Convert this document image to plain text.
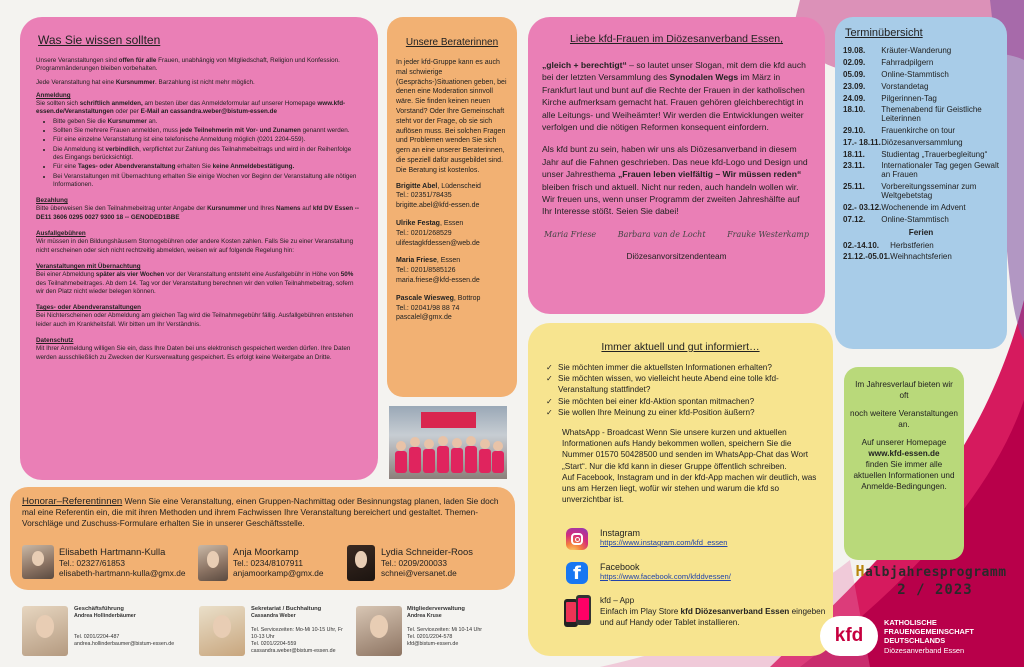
Was Sie wissen sollten

Unsere Veranstaltungen sind offen für alle Frauen, unabhängig von Mitgliedschaft, Religion und Konfession. Programmänderungen bleiben vorbehalten.

Jede Veranstaltung hat eine Kursnummer. Barzahlung ist nicht mehr möglich.

Anmeldung

Sie sollten sich schriftlich anmelden, am besten über das Anmeldeformular auf unserer Homepage www.kfd-essen.de/Veranstaltungen oder per E-Mail an cassandra.weber@bistum-essen.de

• Bitte geben Sie die Kursnummer an.
• Sollten Sie mehrere Frauen anmelden, muss jede Teilnehmerin mit Vor- und Zunamen genannt werden.
• Für eine einzelne Veranstaltung ist eine telefonische Anmeldung möglich (0201 2204-559).
• Die Anmeldung ist verbindlich, verpflichtet zur Zahlung des Teilnahmebeitrags und wird in der Reihenfolge des Eingangs berücksichtigt.
• Für eine Tages- oder Abendveranstaltung erhalten Sie keine Anmeldebestätigung.
• Bei Veranstaltungen mit Übernachtung erhalten Sie einige Wochen vor Beginn der Veranstaltung alle nötigen Informationen.

Bezahlung

Bitte überweisen Sie den Teilnahmebeitrag unter Angabe der Kursnummer und Ihres Namens auf kfd DV Essen -- DE11 3606 0295 0027 9300 18 -- GENODED1BBE

Ausfallgebühren

Wir müssen in den Bildungshäusern Stornogebühren oder andere Kosten zahlen. Falls Sie zu einer Veranstaltung nicht erscheinen oder sich nicht rechtzeitig abmelden, weisen wir auf folgende Regelung hin:

Veranstaltungen mit Übernachtung

Bei einer Abmeldung später als vier Wochen vor der Veranstaltung entsteht eine Ausfallgebühr in Höhe von 50% des Teilnahmebeitrages. Ab dem 14. Tag vor der Veranstaltung berechnen wir den vollen Teilnahmebeitrag, sofern wir den Platz nicht wieder belegen können.

Tages- oder Abendveranstaltungen

Bei Nichterscheinen oder Abmeldung am gleichen Tag wird die Teilnahmegebühr fällig. Ausfallgebühren entstehen leider auch im Krankheitsfall. Wir bitten um Ihr Verständnis.

Datenschutz

Mit Ihrer Anmeldung willigen Sie ein, dass Ihre Daten bei uns elektronisch gespeichert werden dürfen. Ihre Daten werden ausschließlich zu Zwecken der Kursverwaltung gespeichert. Es erfolgt keine Weitergabe an Dritte.

Unsere Beraterinnen

In jeder kfd-Gruppe kann es auch mal schwierige (Gesprächs-)Situationen geben, bei denen eine Moderation sinnvoll wäre. Sie finden keinen neuen Vorstand? Oder Ihre Gemeinschaft steht vor der Frage, ob sie sich auflösen muss. Bei solchen Fragen und Problemen wenden Sie sich gern an eine unserer Beraterinnen, die speziell dafür ausgebildet sind. Die Beratung ist kostenlos.

Brigitte Abel, Lüdenscheid
Tel.: 02351/78435
brigitte.abel@kfd-essen.de
Ulrike Festag, Essen
Tel.: 0201/268529
ulifestagkfdessen@web.de
Maria Friese, Essen
Tel.: 0201/8585126
maria.friese@kfd-essen.de
Pascale Wiesweg, Bottrop
Tel.: 02041/98 88 74
pascalel@gmx.de
Liebe kfd-Frauen im Diözesanverband Essen,

„gleich + berechtigt“ – so lautet unser Slogan, mit dem die kfd auch bei der letzten Versammlung des Synodalen Wegs im März in Frankfurt laut und bunt auf die Rechte der Frauen in der katholischen Kirche aufmerksam gemacht hat. Frauen gehören gleichberechtigt in alle Leitungs- und Weiheämter! Wir werden die Entwicklungen weiter verfolgen und die nötigen Reformen konsequent einfordern.

Als kfd bunt zu sein, haben wir uns als Diözesanverband in diesem Jahr auf die Fahnen geschrieben. Das neue kfd-Logo und Design und unser Jahresthema „Frauen leben vielfältig – Wir müssen reden“ bleiben frisch und aktuell. Nicht nur reden, auch handeln wollen wir. Wir freuen uns, wenn unser Programm der zweiten Jahreshälfte auf Ihr Interesse stößt. Seien Sie dabei!

Maria Friese	Barbara van de Locht	Frauke Westerkamp

Diözesanvorsitzendenteam

Terminübersicht
19.08.	Kräuter-Wanderung
02.09.	Fahrradpilgern
05.09.	Online-Stammtisch
23.09.	Vorstandetag
24.09.	Pilgerinnen-Tag
18.10.	Themenabend für Geistliche Leiterinnen
29.10.	Frauenkirche on tour
17.- 18.11.	Diözesanversammlung
18.11.	Studientag „Trauerbegleitung“
23.11.	Internationaler Tag gegen Gewalt an Frauen
25.11.	Vorbereitungsseminar zum Weltgebetstag
02.- 03.12.	Wochenende im Advent
07.12.	Online-Stammtisch
Ferien
02.-14.10.	Herbstferien
21.12.-05.01.	Weihnachtsferien

Im Jahresverlauf bieten wir oft

noch weitere Veranstaltungen an.

Auf unserer Homepage

www.kfd-essen.de

finden Sie immer alle aktuellen Informationen und Anmelde-Bedingungen.

Immer aktuell und gut informiert…
✓ Sie möchten immer die aktuellsten Informationen erhalten?
✓ Sie möchten wissen, wo vielleicht heute Abend eine tolle kfd-Veranstaltung stattfindet?
✓ Sie möchten bei einer kfd-Aktion spontan mitmachen?
✓ Sie wollen Ihre Meinung zu einer kfd-Position äußern?

WhatsApp - Broadcast Wenn Sie unsere kurzen und aktuellen Informationen aufs Handy bekommen wollen, speichern Sie die Nummer 01570 50428500 und senden im WhatsApp-Chat das Wort „Start“. Nur die kfd kann in dieser Gruppe öffentlich schreiben.

Auf Facebook, Instagram und in der kfd-App machen wir deutlich, was uns am Herzen liegt, wofür wir stehen und warum die kfd so unverzichtbar ist.

Instagram
https://www.instagram.com/kfd_essen
f Facebook
https://www.facebook.com/kfddvessen/
kfd – App
Einfach im Play Store kfd Diözesanverband Essen eingeben und auf Handy oder Tablet installieren.

Honorar–Referentinnen Wenn Sie eine Veranstaltung, einen Gruppen-Nachmittag oder Besinnungstag planen, laden Sie doch mal eine Referentin ein, die mit ihren Methoden und ihrem Fachwissen Ihre Veranstaltung bereichert und gestaltet. Themen-Vorschläge und Zuschuss-Formulare erhalten Sie in unserer Geschäftsstelle.

Elisabeth Hartmann-Kulla
Tel.: 02327/61853
elisabeth-hartmann-kulla@gmx.de
Anja Moorkamp
Tel.: 0234/8107911
anjamoorkamp@gmx.de
Lydia Schneider-Roos
Tel.: 0209/200033
schnei@versanet.de
Geschäftsführung
Andrea Hollinderbäumer
Tel. 0201/2204-487
andrea.hollinderbaumer@bistum-essen.de
Sekretariat / Buchhaltung
Cassandra Weber
Tel. Servicezeiten: Mo-Mi 10-15 Uhr, Fr 10-13 Uhr
Tel. 0201/2204-559
cassandra.weber@bistum-essen.de
Mitgliederverwaltung
Andrea Kruse
Tel. Servicezeiten: Mi 10-14 Uhr
Tel. 0201/2204-578
kfd@bistum-essen.de
Halbjahresprogramm
2 / 2023
kfd
KATHOLISCHE
FRAUENGEMEINSCHAFT
DEUTSCHLANDS
Diözesanverband Essen
